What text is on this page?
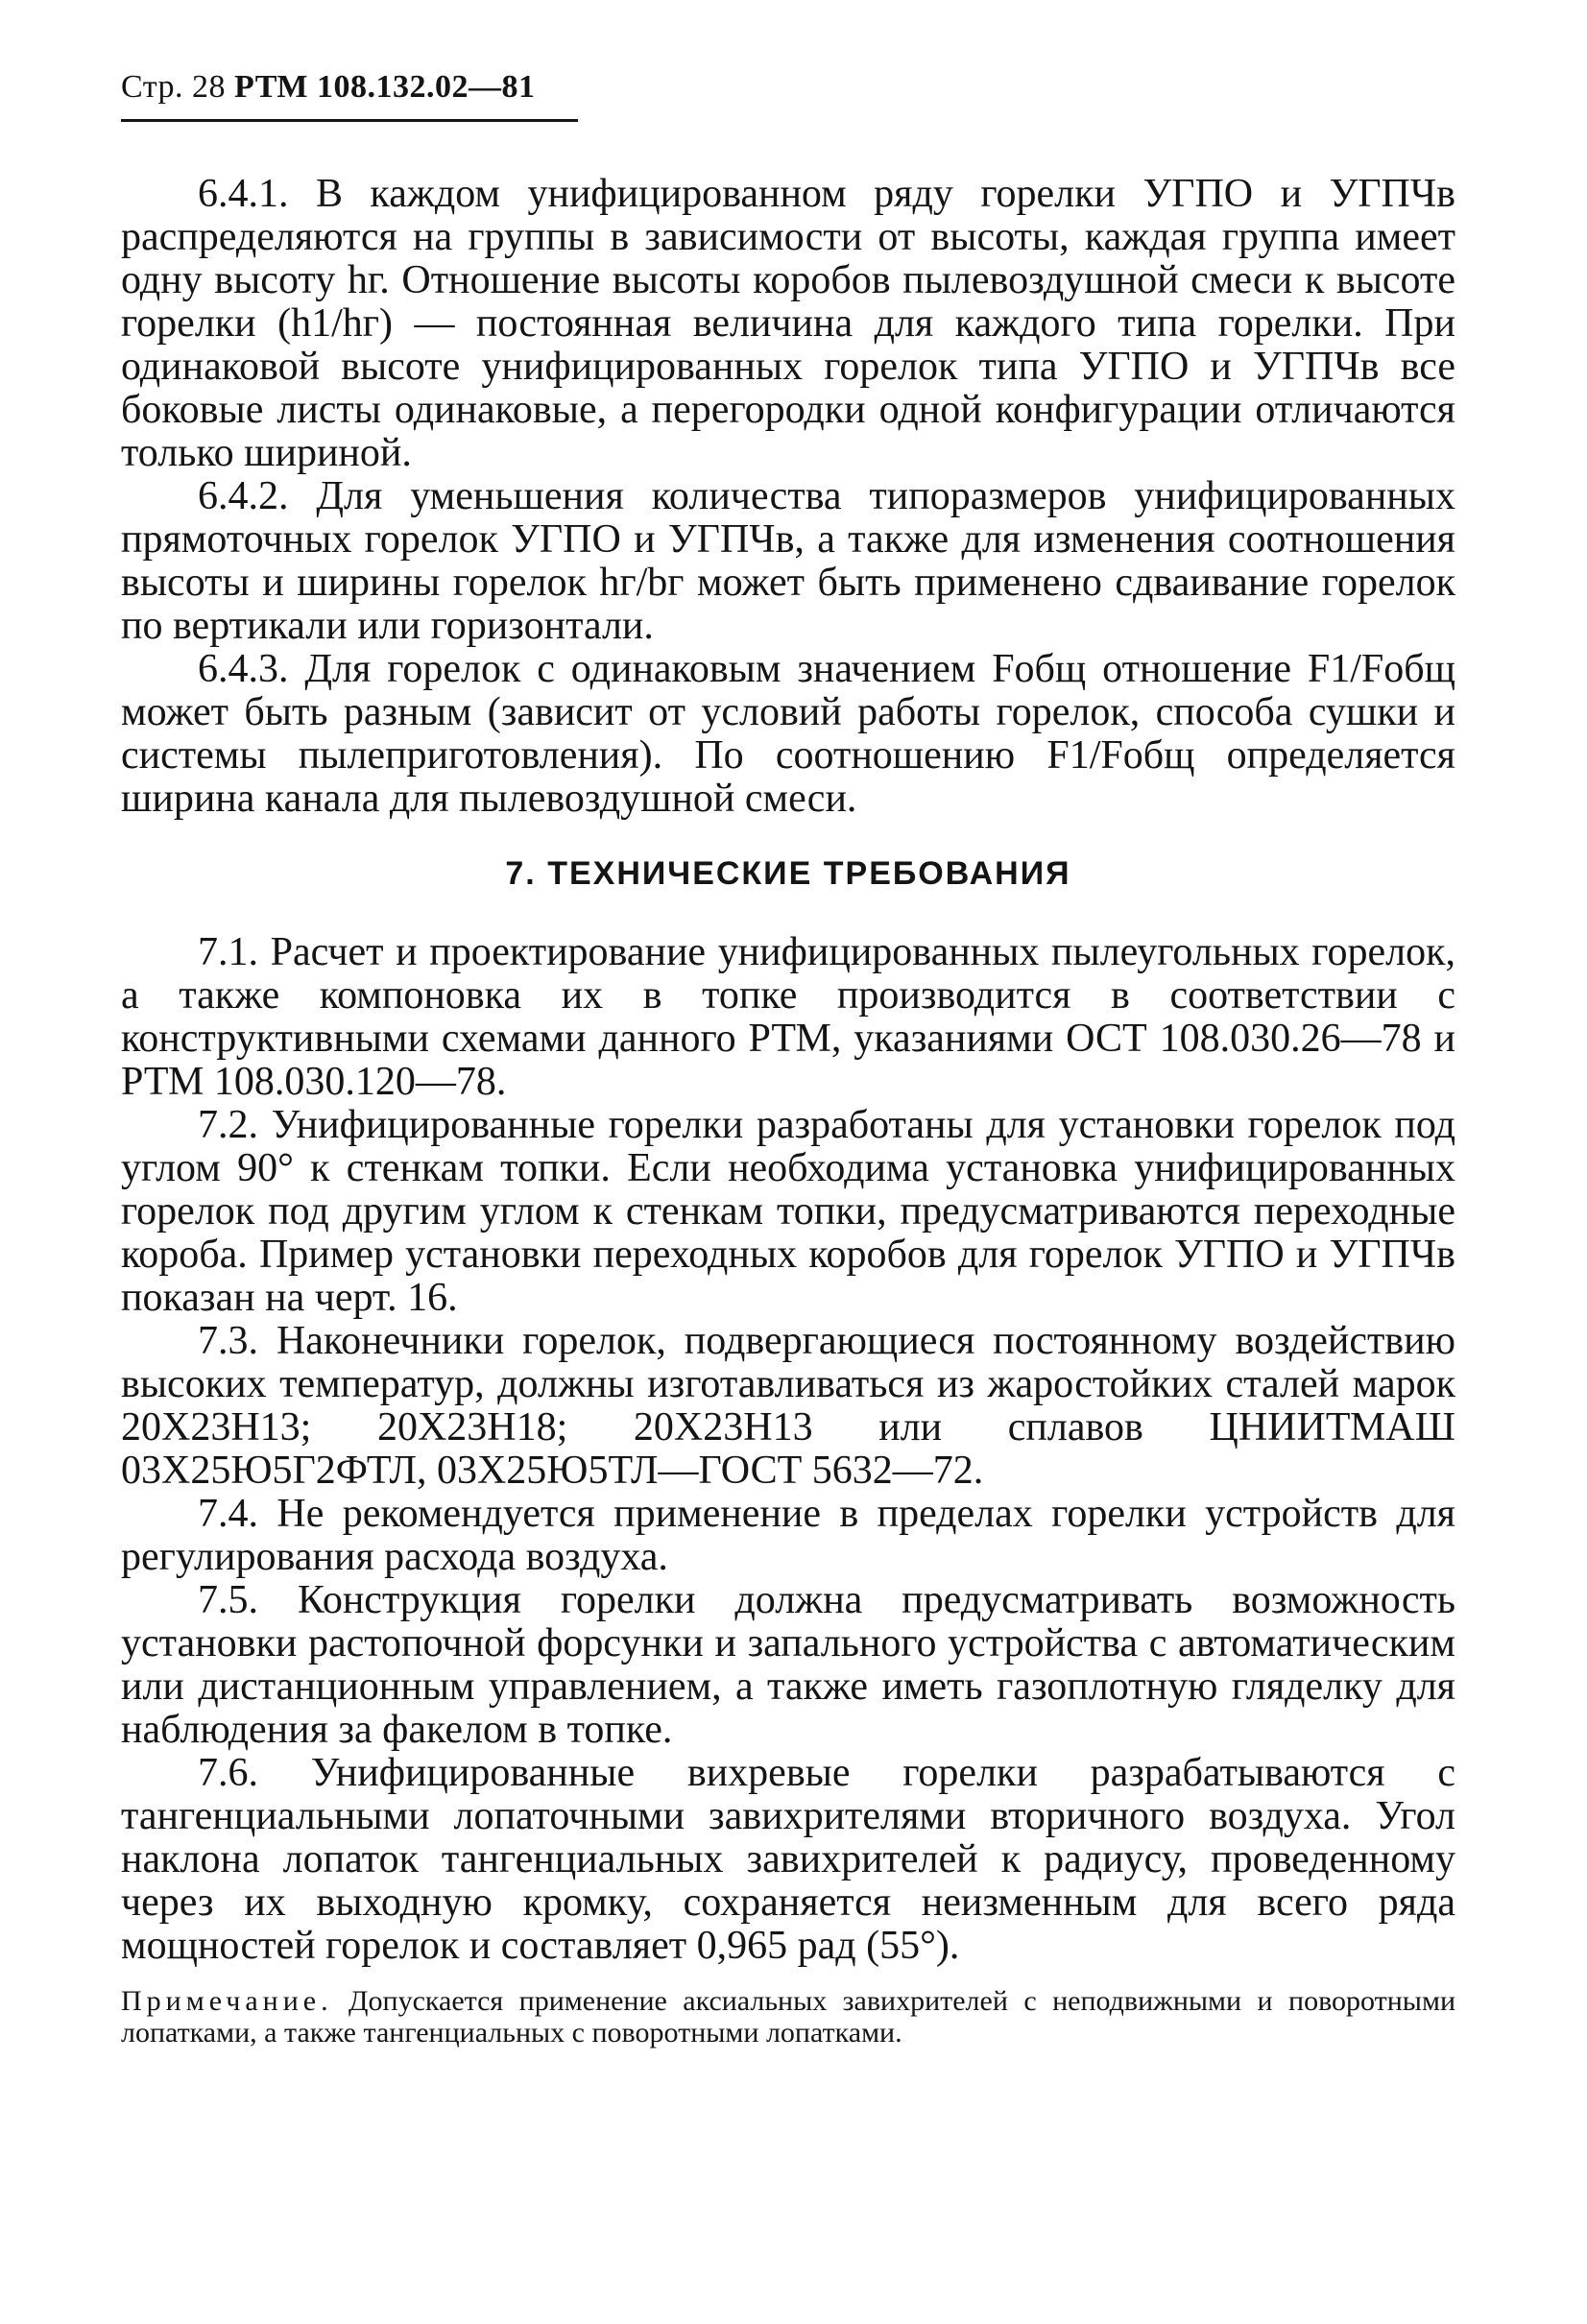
Стр. 28 РТМ 108.132.02—81

6.4.1. В каждом унифицированном ряду горелки УГПО и УГПЧв распределяются на группы в зависимости от высоты, каждая группа имеет одну высоту hг. Отношение высоты коробов пылевоздушной смеси к высоте горелки (h1/hг) — постоянная величина для каждого типа горелки. При одинаковой высоте унифицированных горелок типа УГПО и УГПЧв все боковые листы одинаковые, а перегородки одной конфигурации отличаются только шириной.

6.4.2. Для уменьшения количества типоразмеров унифицированных прямоточных горелок УГПО и УГПЧв, а также для изменения соотношения высоты и ширины горелок hг/bг может быть применено сдваивание горелок по вертикали или горизонтали.

6.4.3. Для горелок с одинаковым значением Fобщ отношение F1/Fобщ может быть разным (зависит от условий работы горелок, способа сушки и системы пылеприготовления). По соотношению F1/Fобщ определяется ширина канала для пылевоздушной смеси.

7. ТЕХНИЧЕСКИЕ ТРЕБОВАНИЯ

7.1. Расчет и проектирование унифицированных пылеугольных горелок, а также компоновка их в топке производится в соответствии с конструктивными схемами данного РТМ, указаниями ОСТ 108.030.26—78 и РТМ 108.030.120—78.

7.2. Унифицированные горелки разработаны для установки горелок под углом 90° к стенкам топки. Если необходима установка унифицированных горелок под другим углом к стенкам топки, предусматриваются переходные короба. Пример установки переходных коробов для горелок УГПО и УГПЧв показан на черт. 16.

7.3. Наконечники горелок, подвергающиеся постоянному воздействию высоких температур, должны изготавливаться из жаростойких сталей марок 20Х23Н13; 20Х23Н18; 20Х23Н13 или сплавов ЦНИИТМАШ 03Х25Ю5Г2ФТЛ, 03Х25Ю5ТЛ—ГОСТ 5632—72.

7.4. Не рекомендуется применение в пределах горелки устройств для регулирования расхода воздуха.

7.5. Конструкция горелки должна предусматривать возможность установки растопочной форсунки и запального устройства с автоматическим или дистанционным управлением, а также иметь газоплотную гляделку для наблюдения за факелом в топке.

7.6. Унифицированные вихревые горелки разрабатываются с тангенциальными лопаточными завихрителями вторичного воздуха. Угол наклона лопаток тангенциальных завихрителей к радиусу, проведенному через их выходную кромку, сохраняется неизменным для всего ряда мощностей горелок и составляет 0,965 рад (55°).

Примечание. Допускается применение аксиальных завихрителей с неподвижными и поворотными лопатками, а также тангенциальных с поворотными лопатками.
